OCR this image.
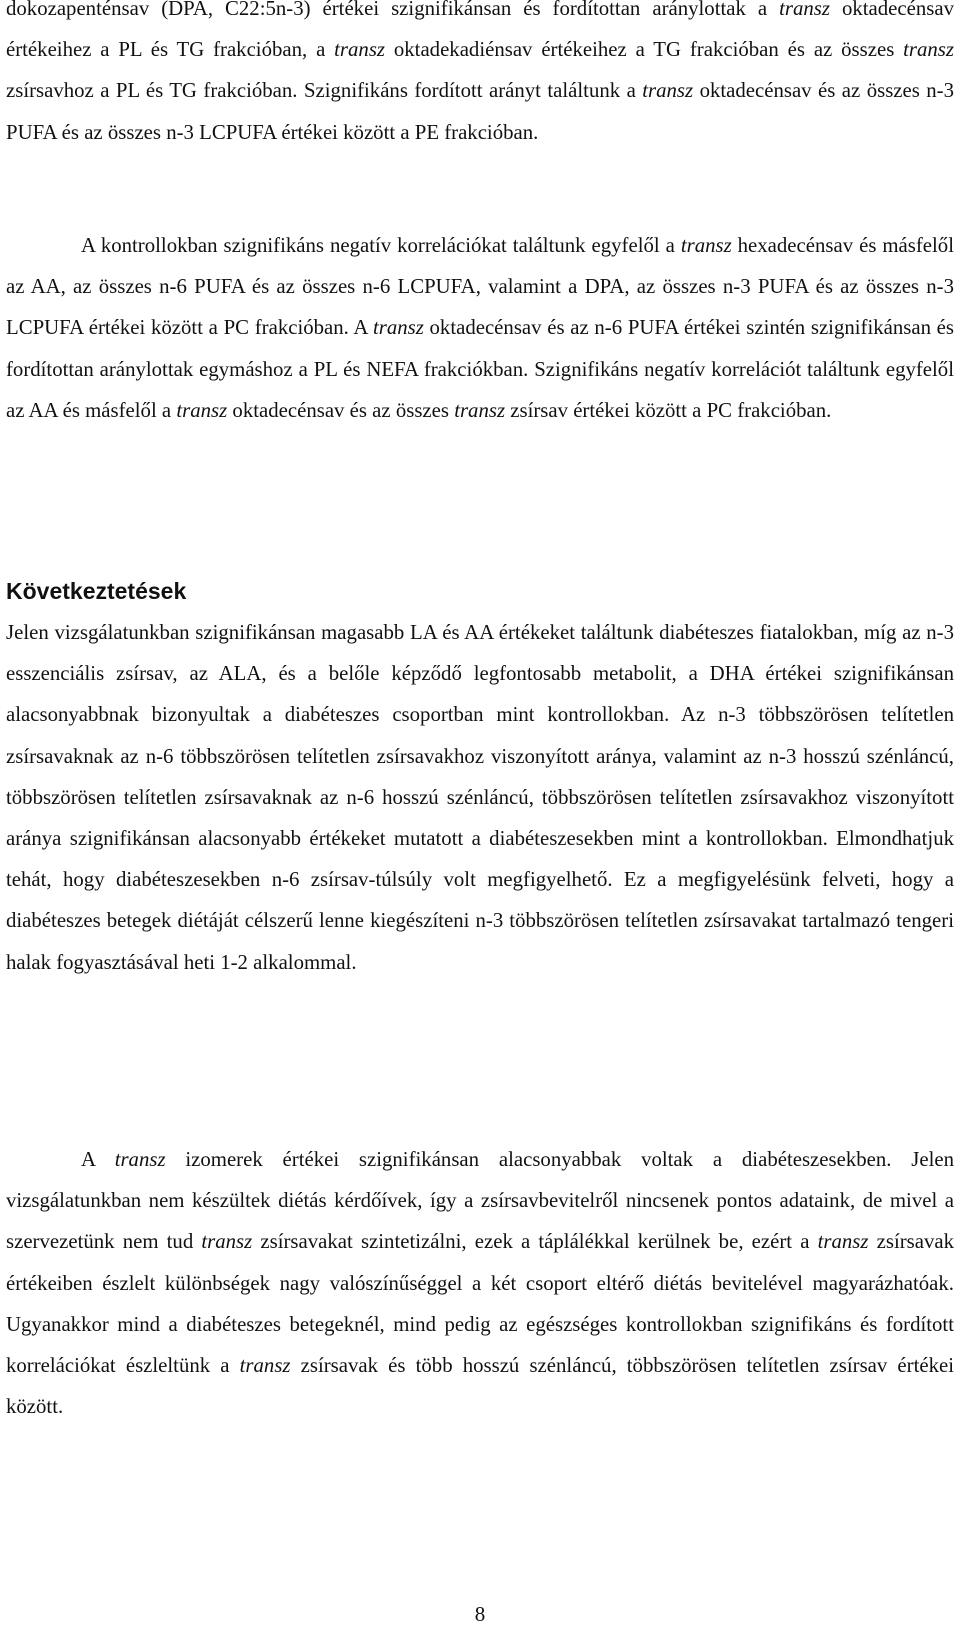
dokozapenténsav (DPA, C22:5n-3) értékei szignifikánsan és fordítottan aránylottak a transz oktadecénsav értékeihez a PL és TG frakcióban, a transz oktadekadiénsav értékeihez a TG frakcióban és az összes transz zsírsavhoz a PL és TG frakcióban. Szignifikáns fordított arányt találtunk a transz oktadecénsav és az összes n-3 PUFA és az összes n-3 LCPUFA értékei között a PE frakcióban.

A kontrollokban szignifikáns negatív korrelációkat találtunk egyfelől a transz hexadecénsav és másfelől az AA, az összes n-6 PUFA és az összes n-6 LCPUFA, valamint a DPA, az összes n-3 PUFA és az összes n-3 LCPUFA értékei között a PC frakcióban. A transz oktadecénsav és az n-6 PUFA értékei szintén szignifikánsan és fordítottan aránylottak egymáshoz a PL és NEFA frakciókban. Szignifikáns negatív korrelációt találtunk egyfelől az AA és másfelől a transz oktadecénsav és az összes transz zsírsav értékei között a PC frakcióban.

Következtetések

Jelen vizsgálatunkban szignifikánsan magasabb LA és AA értékeket találtunk diabéteszes fiatalokban, míg az n-3 esszenciális zsírsav, az ALA, és a belőle képződő legfontosabb metabolit, a DHA értékei szignifikánsan alacsonyabbnak bizonyultak a diabéteszes csoportban mint kontrollokban. Az n-3 többszörösen telítetlen zsírsavaknak az n-6 többszörösen telítetlen zsírsavakhoz viszonyított aránya, valamint az n-3 hosszú szénláncú, többszörösen telítetlen zsírsavaknak az n-6 hosszú szénláncú, többszörösen telítetlen zsírsavakhoz viszonyított aránya szignifikánsan alacsonyabb értékeket mutatott a diabéteszesekben mint a kontrollokban. Elmondhatjuk tehát, hogy diabéteszesekben n-6 zsírsav-túlsúly volt megfigyelhető. Ez a megfigyelésünk felveti, hogy a diabéteszes betegek diétáját célszerű lenne kiegészíteni n-3 többszörösen telítetlen zsírsavakat tartalmazó tengeri halak fogyasztásával heti 1-2 alkalommal.

A transz izomerek értékei szignifikánsan alacsonyabbak voltak a diabéteszesekben. Jelen vizsgálatunkban nem készültek diétás kérdőívek, így a zsírsavbevitelről nincsenek pontos adataink, de mivel a szervezetünk nem tud transz zsírsavakat szintetizálni, ezek a táplálékkal kerülnek be, ezért a transz zsírsavak értékeiben észlelt különbségek nagy valószínűséggel a két csoport eltérő diétás bevitelével magyarázhatóak. Ugyanakkor mind a diabéteszes betegeknél, mind pedig az egészséges kontrollokban szignifikáns és fordított korrelációkat észleltünk a transz zsírsavak és több hosszú szénláncú, többszörösen telítetlen zsírsav értékei között.

8
